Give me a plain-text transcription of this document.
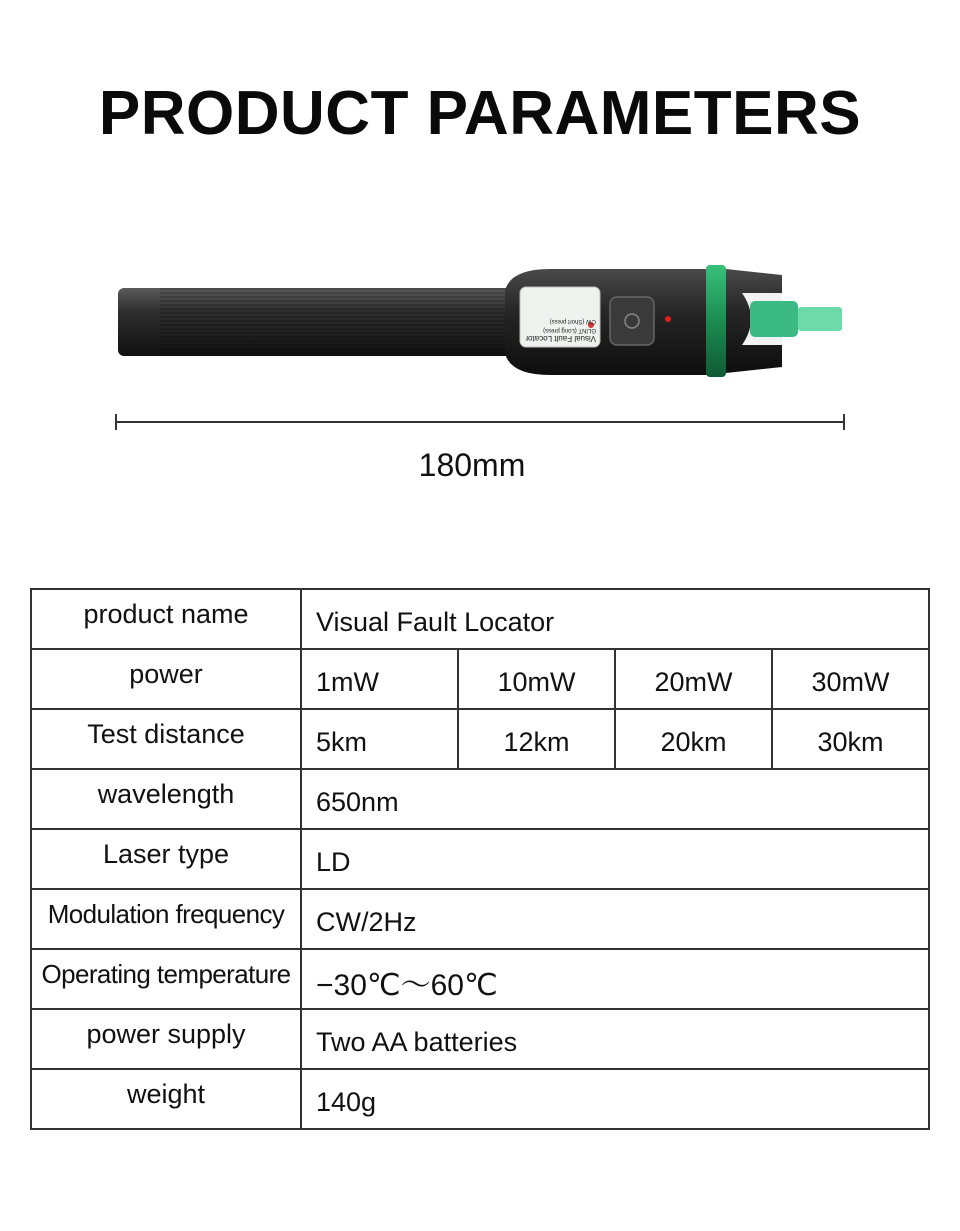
PRODUCT PARAMETERS
Visual Fault Locator
GLINT (Long press)
CW (Short press)
180mm
product name	Visual Fault Locator			
power	1mW	10mW	20mW	30mW
Test distance	5km	12km	20km	30km
wavelength	650nm			
Laser type	LD			
Modulation frequency	CW/2Hz			
Operating temperature	−30℃～60℃			
power supply	Two AA batteries			
weight	140g			
